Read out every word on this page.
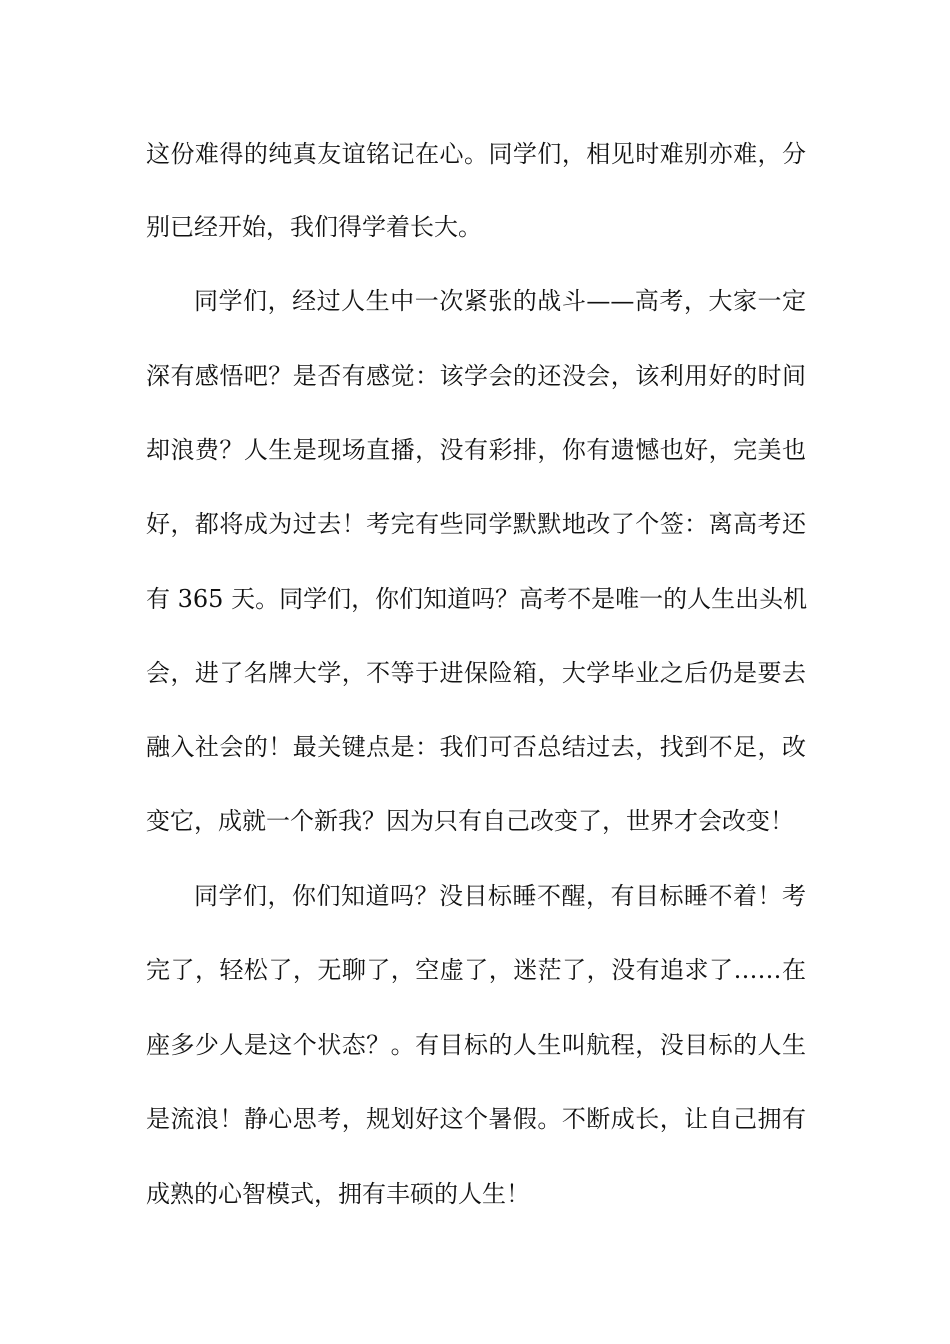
这份难得的纯真友谊铭记在心。同学们，相见时难别亦难，分
别已经开始，我们得学着长大。
同学们，经过人生中一次紧张的战斗——高考，大家一定
深有感悟吧？是否有感觉：该学会的还没会，该利用好的时间
却浪费？人生是现场直播，没有彩排，你有遗憾也好，完美也
好，都将成为过去！考完有些同学默默地改了个签：离高考还
有 365 天。同学们，你们知道吗？高考不是唯一的人生出头机
会，进了名牌大学，不等于进保险箱，大学毕业之后仍是要去
融入社会的！最关键点是：我们可否总结过去，找到不足，改
变它，成就一个新我？因为只有自己改变了，世界才会改变！
同学们，你们知道吗？没目标睡不醒，有目标睡不着！考
完了，轻松了，无聊了，空虚了，迷茫了，没有追求了……在
座多少人是这个状态？。有目标的人生叫航程，没目标的人生
是流浪！静心思考，规划好这个暑假。不断成长，让自己拥有
成熟的心智模式，拥有丰硕的人生！
